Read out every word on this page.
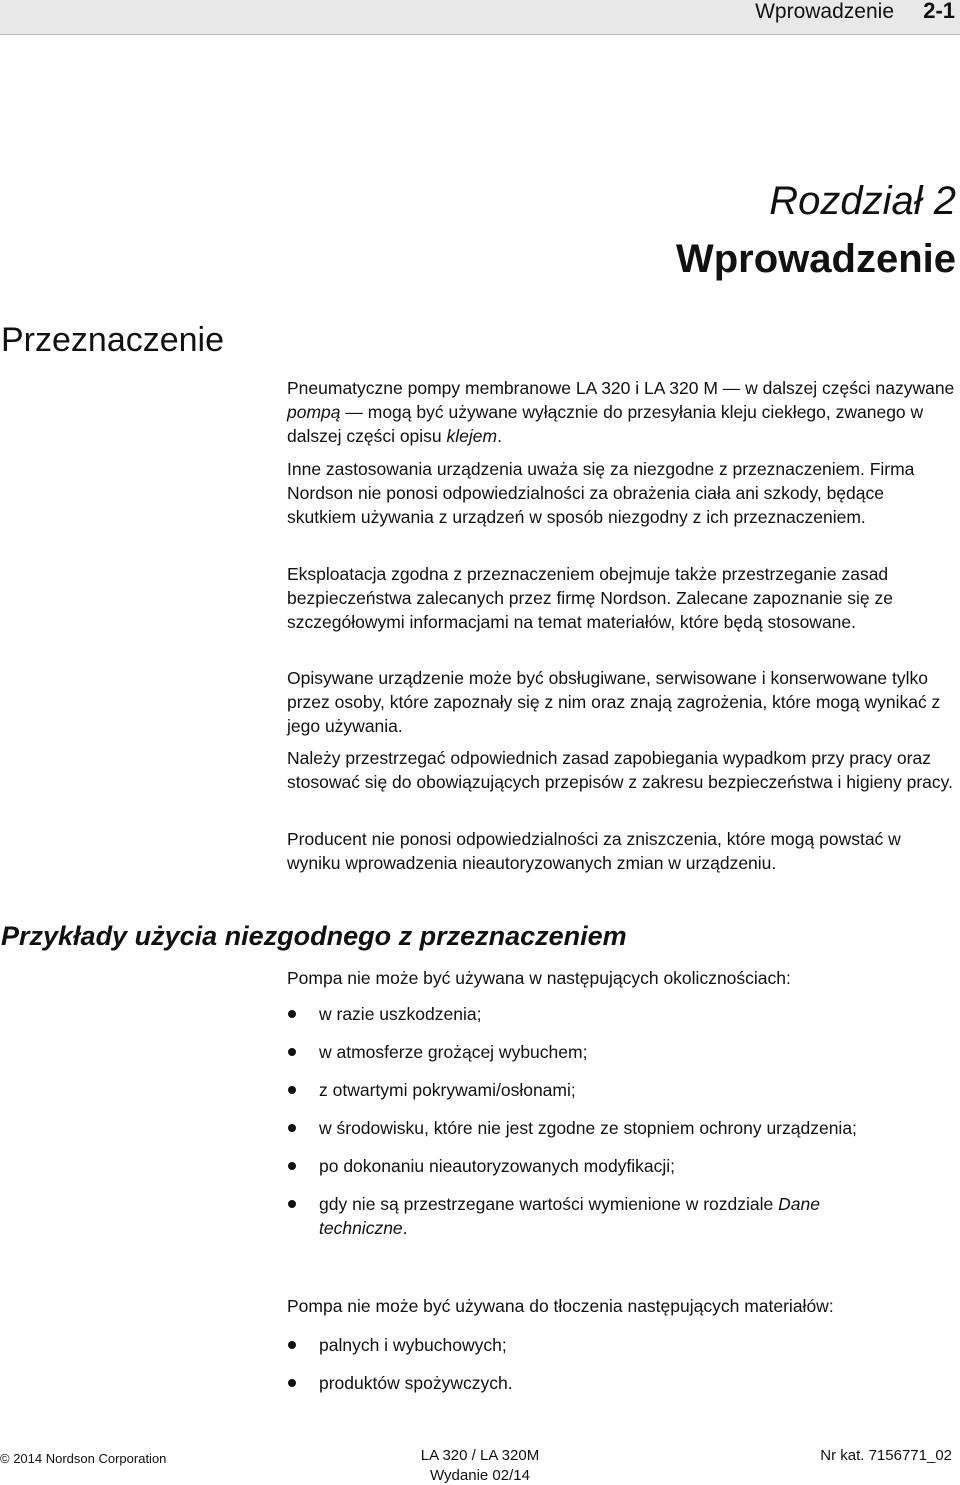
Wprowadzenie 2-1
Rozdział 2
Wprowadzenie
Przeznaczenie

Pneumatyczne pompy membranowe LA 320 i LA 320 M — w dalszej części nazywane pompą — mogą być używane wyłącznie do przesyłania kleju ciekłego, zwanego w dalszej części opisu klejem.

Inne zastosowania urządzenia uważa się za niezgodne z przeznaczeniem. Firma Nordson nie ponosi odpowiedzialności za obrażenia ciała ani szkody, będące skutkiem używania z urządzeń w sposób niezgodny z ich przeznaczeniem.

Eksploatacja zgodna z przeznaczeniem obejmuje także przestrzeganie zasad bezpieczeństwa zalecanych przez firmę Nordson. Zalecane zapoznanie się ze szczegółowymi informacjami na temat materiałów, które będą stosowane.

Opisywane urządzenie może być obsługiwane, serwisowane i konserwowane tylko przez osoby, które zapoznały się z nim oraz znają zagrożenia, które mogą wynikać z jego używania.

Należy przestrzegać odpowiednich zasad zapobiegania wypadkom przy pracy oraz stosować się do obowiązujących przepisów z zakresu bezpieczeństwa i higieny pracy.

Producent nie ponosi odpowiedzialności za zniszczenia, które mogą powstać w wyniku wprowadzenia nieautoryzowanych zmian w urządzeniu.

Przykłady użycia niezgodnego z przeznaczeniem

Pompa nie może być używana w następujących okolicznościach:

w razie uszkodzenia;
w atmosferze grożącej wybuchem;
z otwartymi pokrywami/osłonami;
w środowisku, które nie jest zgodne ze stopniem ochrony urządzenia;
po dokonaniu nieautoryzowanych modyfikacji;
gdy nie są przestrzegane wartości wymienione w rozdziale Dane techniczne.

Pompa nie może być używana do tłoczenia następujących materiałów:

palnych i wybuchowych;
produktów spożywczych.
© 2014 Nordson Corporation	LA 320 / LA 320M
Wydanie 02/14
Nr kat. 7156771_02
